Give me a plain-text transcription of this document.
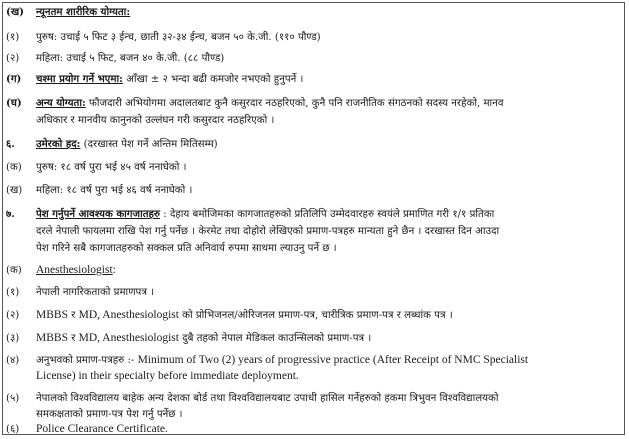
(ख) न्यूनतम शारीरिक योग्यता:
(१) पुरुष: उचाई ५ फिट ३ ईन्च, छाती ३२-३४ ईन्च, बजन ५० के.जी. (११० पौण्ड)
(२) महिला: उचाई ५ फिट, बजन ४० के.जी. (८८ पौण्ड)
(ग) चश्मा प्रयोग गर्ने भएमा: आँखा ± २ भन्दा बढी कमजोर नभएको हुनुपर्ने ।
(घ) अन्य योग्यता: फौजदारी अभियोगमा अदालतबाट कुनै कसुरदार नठहरिएको, कुनै पनि राजनीतिक संगठनको सदस्य नरहेको, मानव
अधिकार र मानवीय कानुनको उल्लंघन गरी कसुरदार नठहरिएको ।
६. उमेरको हद: (दरखास्त पेश गर्ने अन्तिम मितिसम्म)
(क) पुरुष: १८ वर्ष पुरा भई ४५ वर्ष ननाघेको ।
(ख) महिला: १८ वर्ष पुरा भई ४६ वर्ष ननाघेको ।
७. पेश गर्नुपर्ने आवश्यक कागजातहरु : देहाय बमोजिमका कागजातहरुको प्रतिलिपि उम्मेदवारहरु स्वयंले प्रमाणित गरी १/१ प्रतिका
दरले नेपाली फायलमा राखि पेश गर्नु पर्नेछ । केरमेट तथा दोहोरो लेखिएको प्रमाण-पत्रहरु मान्यता हुने छैन । दरखास्त दिन आउदा
पेश गरिने सबै कागजातहरुको सक्कल प्रति अनिवार्य रुपमा साथमा ल्याउनु पर्ने छ ।
(क) Anesthesiologist:
(१) नेपाली नागरिकताको प्रमाणपत्र ।
(२) MBBS र MD, Anesthesiologist को प्रोभिजनल/ओरिजनल प्रमाण-पत्र, चारीत्रिक प्रमाण-पत्र र लब्धांक पत्र ।
(३) MBBS र MD, Anesthesiologist दुबै तहको नेपाल मेडिकल काउन्सिलको प्रमाण-पत्र ।
(४) अनुभवको प्रमाण-पत्रहरु :- Minimum of Two (2) years of progressive practice (After Receipt of NMC Specialist
License) in their specialty before immediate deployment.
(५) नेपालको विश्वविद्यालय बाहेक अन्य देशका बोर्ड तथा विश्वविद्यालयबाट उपाधी हासिल गर्नेहरुको हकमा त्रिभुवन विश्वविद्यालयको
समकक्षताको प्रमाण-पत्र पेश गर्नु पर्नेछ ।
(६) Police Clearance Certificate.
